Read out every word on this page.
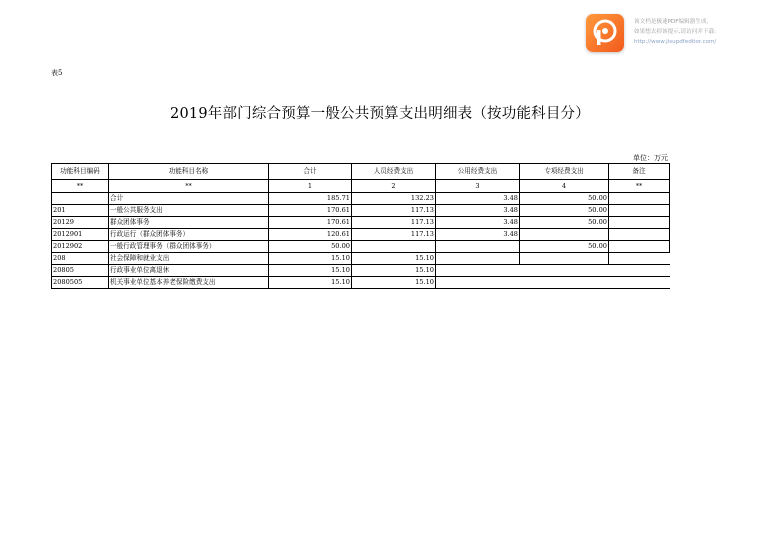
该文档是极速PDF编辑器生成,
如果想去掉该提示,请访问并下载:
http://www.jisupdfeditor.com/
表5
2019年部门综合预算一般公共预算支出明细表（按功能科目分）
单位：万元
功能科目编码	功能科目名称	合计	人员经费支出	公用经费支出	专项经费支出	备注
**	**	1	2	3	4	**
	合计	185.71	132.23	3.48	50.00	
201	一般公共服务支出	170.61	117.13	3.48	50.00	
20129	群众团体事务	170.61	117.13	3.48	50.00	
2012901	行政运行（群众团体事务）	120.61	117.13	3.48		
2012902	一般行政管理事务（群众团体事务）	50.00			50.00	
208	社会保障和就业支出	15.10	15.10			
20805	行政事业单位离退休	15.10	15.10			
2080505	机关事业单位基本养老保险缴费支出	15.10	15.10			
